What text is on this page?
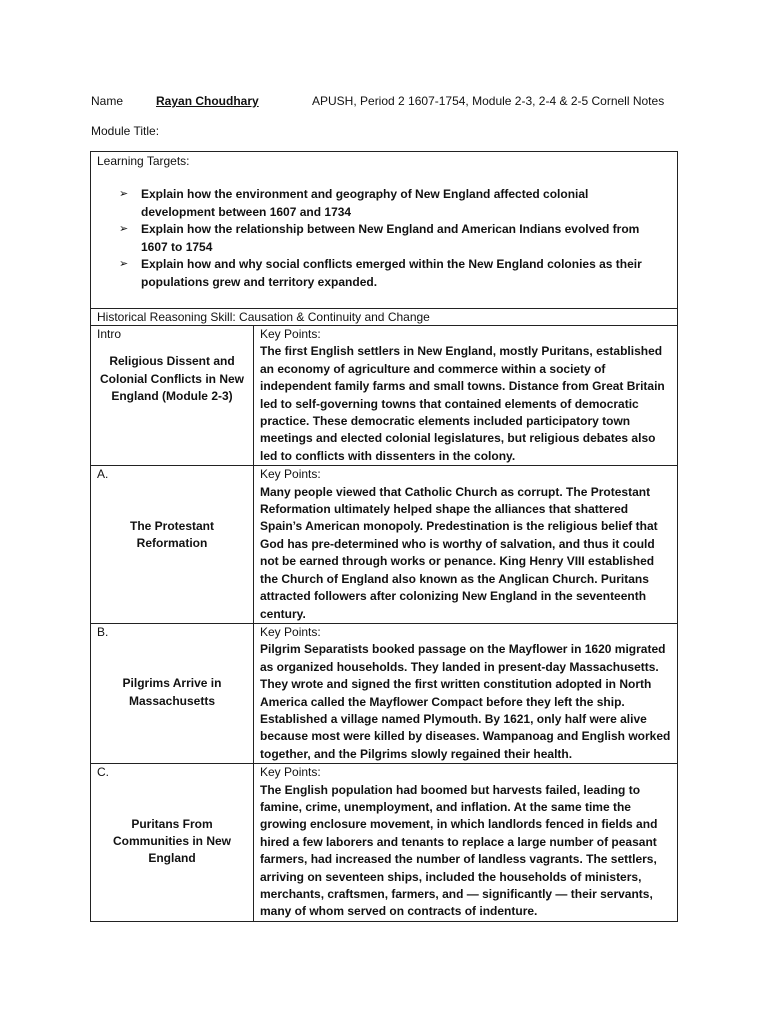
Name	Rayan Choudhary	APUSH, Period 2 1607-1754, Module 2-3, 2-4 & 2-5 Cornell Notes
Module Title:
Learning Targets:
➢ Explain how the environment and geography of New England affected colonial development between 1607 and 1734
➢ Explain how the relationship between New England and American Indians evolved from 1607 to 1754
➢ Explain how and why social conflicts emerged within the New England colonies as their populations grew and territory expanded.
Historical Reasoning Skill: Causation & Continuity and Change	

Intro
Religious Dissent and Colonial Conflicts in New England (Module 2-3)	Key Points:
The first English settlers in New England, mostly Puritans, established an economy of agriculture and commerce within a society of independent family farms and small towns. Distance from Great Britain led to self-governing towns that contained elements of democratic practice. These democratic elements included participatory town meetings and elected colonial legislatures, but religious debates also led to conflicts with dissenters in the colony.

A.
The Protestant Reformation	Key Points:
Many people viewed that Catholic Church as corrupt. The Protestant Reformation ultimately helped shape the alliances that shattered Spain’s American monopoly. Predestination is the religious belief that God has pre-determined who is worthy of salvation, and thus it could not be earned through works or penance. King Henry VIII established the Church of England also known as the Anglican Church. Puritans attracted followers after colonizing New England in the seventeenth century.

B.
Pilgrims Arrive in Massachusetts	Key Points:
Pilgrim Separatists booked passage on the Mayflower in 1620 migrated as organized households. They landed in present-day Massachusetts. They wrote and signed the first written constitution adopted in North America called the Mayflower Compact before they left the ship. Established a village named Plymouth. By 1621, only half were alive because most were killed by diseases. Wampanoag and English worked together, and the Pilgrims slowly regained their health.

C.
Puritans From Communities in New England	Key Points:
The English population had boomed but harvests failed, leading to famine, crime, unemployment, and inflation. At the same time the growing enclosure movement, in which landlords fenced in fields and hired a few laborers and tenants to replace a large number of peasant farmers, had increased the number of landless vagrants. The settlers, arriving on seventeen ships, included the households of ministers, merchants, craftsmen, farmers, and — significantly — their servants, many of whom served on contracts of indenture.
